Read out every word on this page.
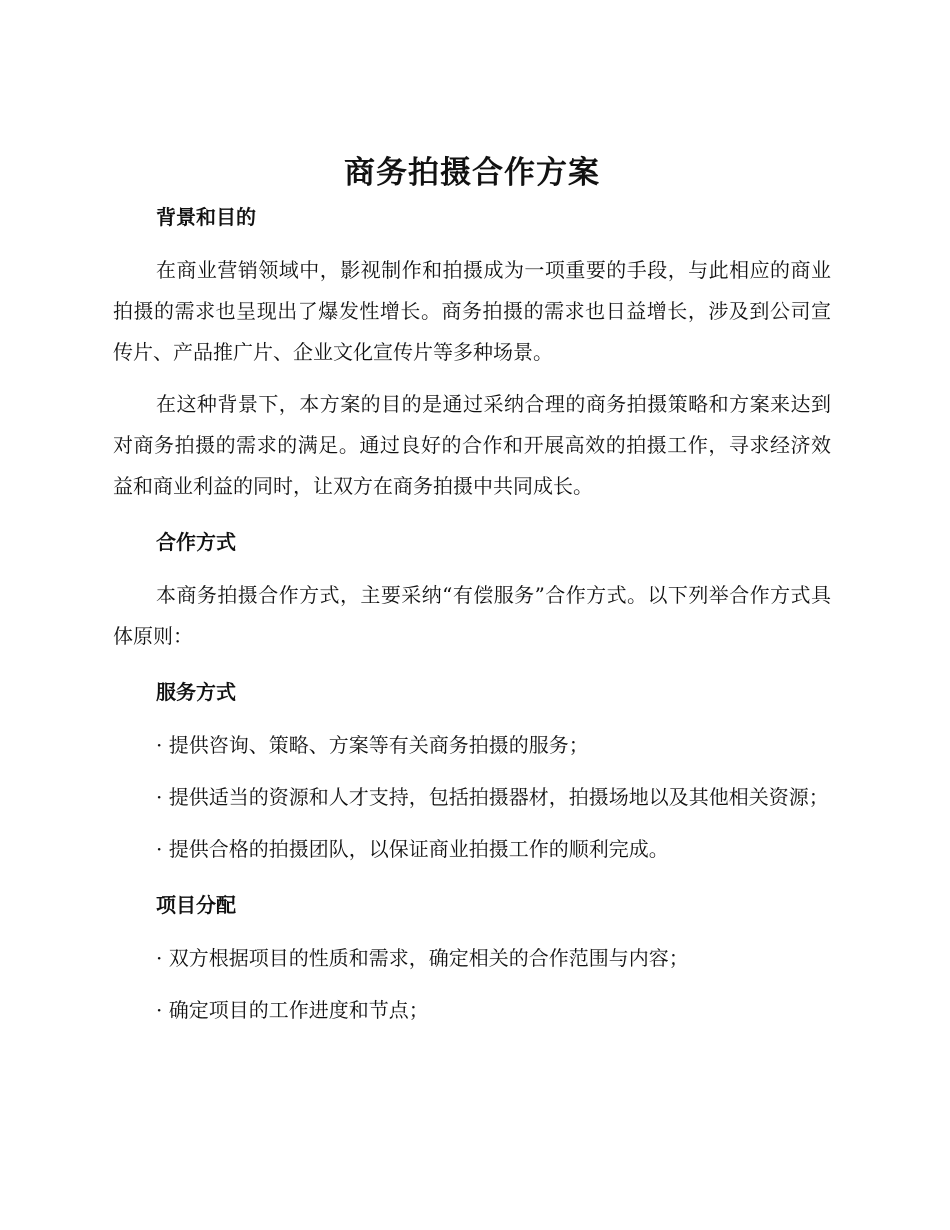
商务拍摄合作方案
背景和目的

在商业营销领域中，影视制作和拍摄成为一项重要的手段，与此相应的商业拍摄的需求也呈现出了爆发性增长。商务拍摄的需求也日益增长，涉及到公司宣传片、产品推广片、企业文化宣传片等多种场景。

在这种背景下，本方案的目的是通过采纳合理的商务拍摄策略和方案来达到对商务拍摄的需求的满足。通过良好的合作和开展高效的拍摄工作，寻求经济效益和商业利益的同时，让双方在商务拍摄中共同成长。

合作方式

本商务拍摄合作方式，主要采纳“有偿服务”合作方式。以下列举合作方式具体原则：

服务方式

· 提供咨询、策略、方案等有关商务拍摄的服务；

· 提供适当的资源和人才支持，包括拍摄器材，拍摄场地以及其他相关资源；

· 提供合格的拍摄团队，以保证商业拍摄工作的顺利完成。

项目分配

· 双方根据项目的性质和需求，确定相关的合作范围与内容；

· 确定项目的工作进度和节点；
